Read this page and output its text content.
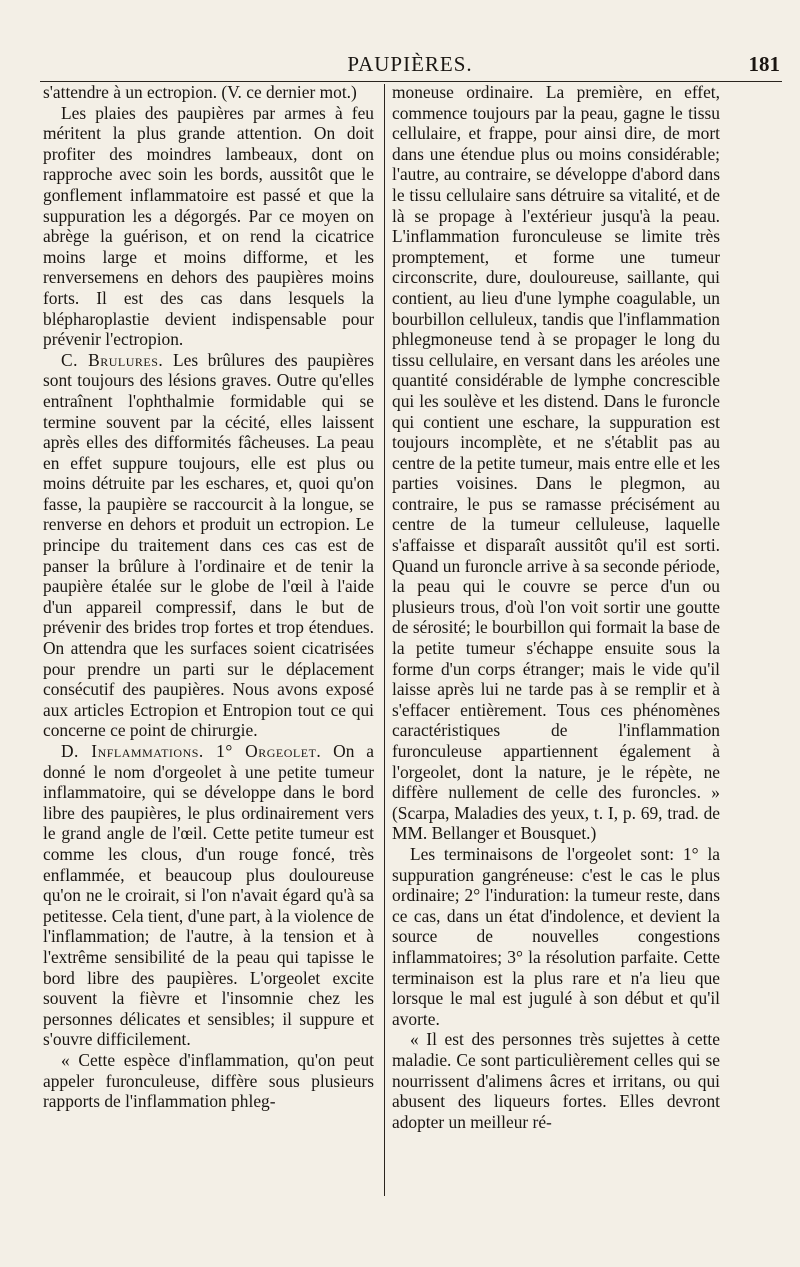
PAUPIÈRES.	181

s'attendre à un ectropion. (V. ce dernier mot.)

Les plaies des paupières par armes à feu méritent la plus grande attention. On doit profiter des moindres lambeaux, dont on rapproche avec soin les bords, aussitôt que le gonflement inflammatoire est passé et que la suppuration les a dégorgés. Par ce moyen on abrège la guérison, et on rend la cicatrice moins large et moins difforme, et les renversemens en dehors des paupières moins forts. Il est des cas dans lesquels la blépharoplastie devient indispensable pour prévenir l'ectropion.

C. Brulures. Les brûlures des paupières sont toujours des lésions graves. Outre qu'elles entraînent l'ophthalmie formidable qui se termine souvent par la cécité, elles laissent après elles des difformités fâcheuses. La peau en effet suppure toujours, elle est plus ou moins détruite par les eschares, et, quoi qu'on fasse, la paupière se raccourcit à la longue, se renverse en dehors et produit un ectropion. Le principe du traitement dans ces cas est de panser la brûlure à l'ordinaire et de tenir la paupière étalée sur le globe de l'œil à l'aide d'un appareil compressif, dans le but de prévenir des brides trop fortes et trop étendues. On attendra que les surfaces soient cicatrisées pour prendre un parti sur le déplacement consécutif des paupières. Nous avons exposé aux articles Ectropion et Entropion tout ce qui concerne ce point de chirurgie.

D. Inflammations. 1° Orgeolet. On a donné le nom d'orgeolet à une petite tumeur inflammatoire, qui se développe dans le bord libre des paupières, le plus ordinairement vers le grand angle de l'œil. Cette petite tumeur est comme les clous, d'un rouge foncé, très enflammée, et beaucoup plus douloureuse qu'on ne le croirait, si l'on n'avait égard qu'à sa petitesse. Cela tient, d'une part, à la violence de l'inflammation; de l'autre, à la tension et à l'extrême sensibilité de la peau qui tapisse le bord libre des paupières. L'orgeolet excite souvent la fièvre et l'insomnie chez les personnes délicates et sensibles; il suppure et s'ouvre difficilement.

« Cette espèce d'inflammation, qu'on peut appeler furonculeuse, diffère sous plusieurs rapports de l'inflammation phleg-

moneuse ordinaire. La première, en effet, commence toujours par la peau, gagne le tissu cellulaire, et frappe, pour ainsi dire, de mort dans une étendue plus ou moins considérable; l'autre, au contraire, se développe d'abord dans le tissu cellulaire sans détruire sa vitalité, et de là se propage à l'extérieur jusqu'à la peau. L'inflammation furonculeuse se limite très promptement, et forme une tumeur circonscrite, dure, douloureuse, saillante, qui contient, au lieu d'une lymphe coagulable, un bourbillon celluleux, tandis que l'inflammation phlegmoneuse tend à se propager le long du tissu cellulaire, en versant dans les aréoles une quantité considérable de lymphe concrescible qui les soulève et les distend. Dans le furoncle qui contient une eschare, la suppuration est toujours incomplète, et ne s'établit pas au centre de la petite tumeur, mais entre elle et les parties voisines. Dans le plegmon, au contraire, le pus se ramasse précisément au centre de la tumeur celluleuse, laquelle s'affaisse et disparaît aussitôt qu'il est sorti. Quand un furoncle arrive à sa seconde période, la peau qui le couvre se perce d'un ou plusieurs trous, d'où l'on voit sortir une goutte de sérosité; le bourbillon qui formait la base de la petite tumeur s'échappe ensuite sous la forme d'un corps étranger; mais le vide qu'il laisse après lui ne tarde pas à se remplir et à s'effacer entièrement. Tous ces phénomènes caractéristiques de l'inflammation furonculeuse appartiennent également à l'orgeolet, dont la nature, je le répète, ne diffère nullement de celle des furoncles. » (Scarpa, Maladies des yeux, t. I, p. 69, trad. de MM. Bellanger et Bousquet.)

Les terminaisons de l'orgeolet sont: 1° la suppuration gangréneuse: c'est le cas le plus ordinaire; 2° l'induration: la tumeur reste, dans ce cas, dans un état d'indolence, et devient la source de nouvelles congestions inflammatoires; 3° la résolution parfaite. Cette terminaison est la plus rare et n'a lieu que lorsque le mal est jugulé à son début et qu'il avorte.

« Il est des personnes très sujettes à cette maladie. Ce sont particulièrement celles qui se nourrissent d'alimens âcres et irritans, ou qui abusent des liqueurs fortes. Elles devront adopter un meilleur ré-
